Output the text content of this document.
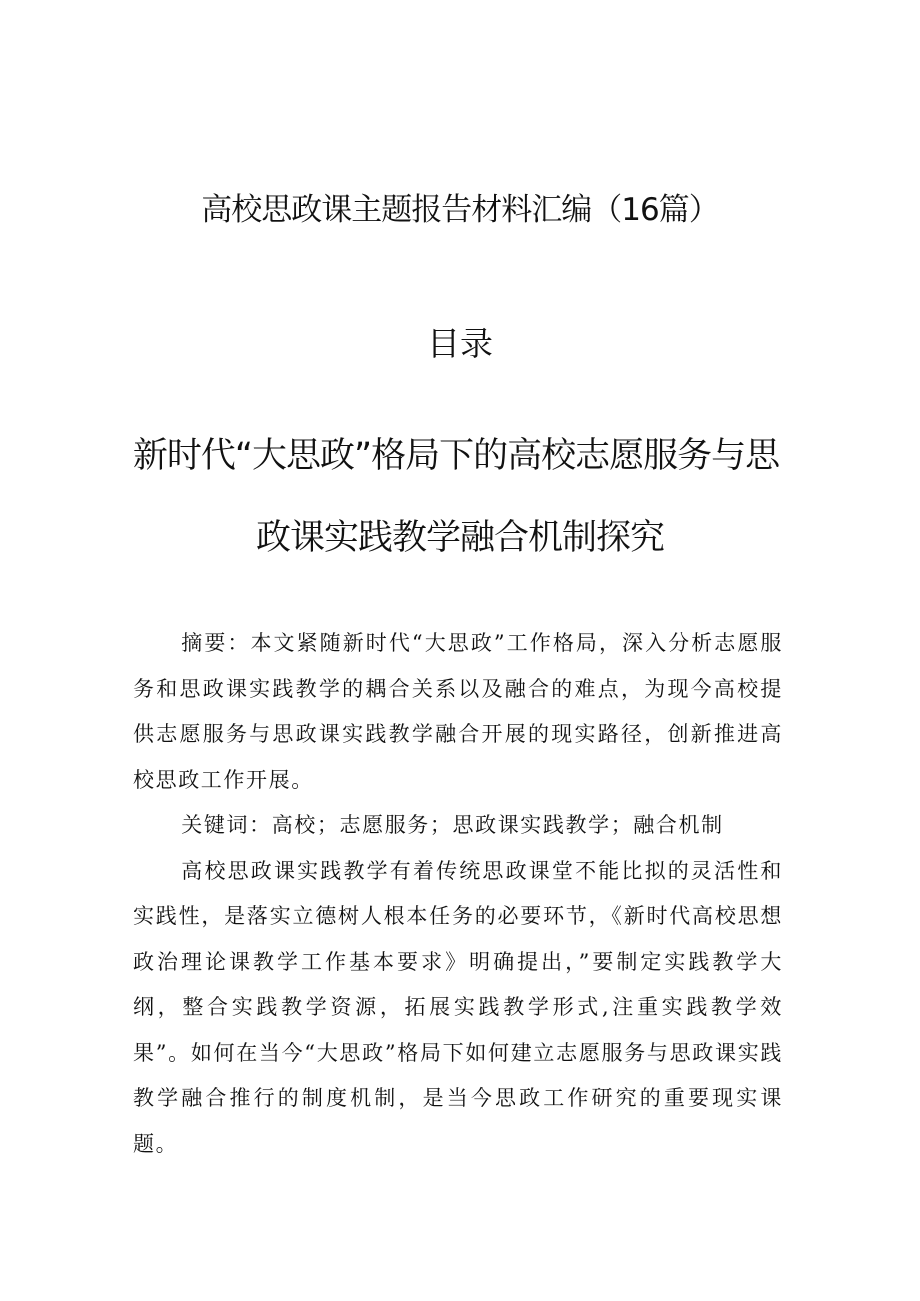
高校思政课主题报告材料汇编（16篇）
目录
新时代“大思政”格局下的高校志愿服务与思
政课实践教学融合机制探究

摘要：本文紧随新时代“大思政”工作格局，深入分析志愿服务和思政课实践教学的耦合关系以及融合的难点，为现今高校提供志愿服务与思政课实践教学融合开展的现实路径，创新推进高校思政工作开展。

关键词：高校；志愿服务；思政课实践教学；融合机制

高校思政课实践教学有着传统思政课堂不能比拟的灵活性和实践性，是落实立德树人根本任务的必要环节，《新时代高校思想政治理论课教学工作基本要求》明确提出，”要制定实践教学大纲，整合实践教学资源，拓展实践教学形式,注重实践教学效果”。如何在当今“大思政”格局下如何建立志愿服务与思政课实践教学融合推行的制度机制，是当今思政工作研究的重要现实课题。
